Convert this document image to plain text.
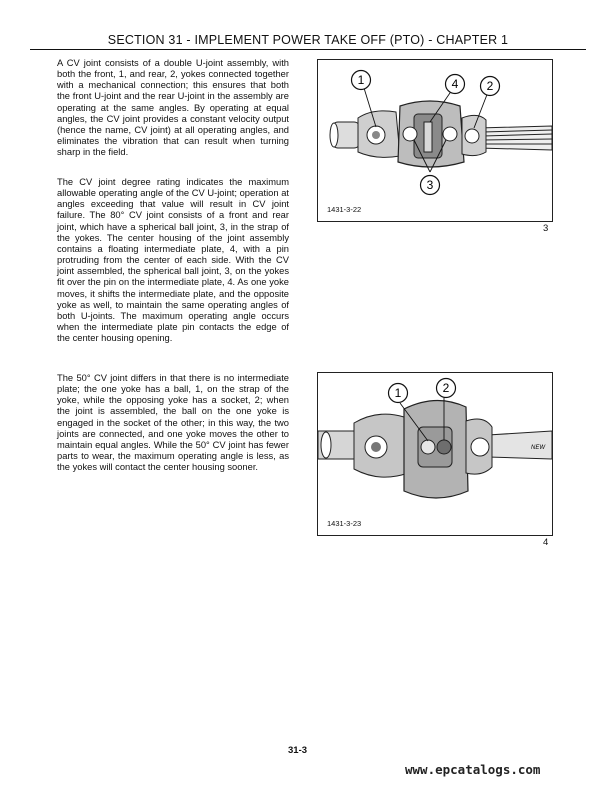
SECTION 31 - IMPLEMENT POWER TAKE OFF (PTO) - CHAPTER 1

A CV joint consists of a double U-joint assembly, with both the front, 1, and rear, 2, yokes connected together with a mechanical connection; this ensures that both the front U-joint and the rear U-joint in the assembly are operating at the same angles. By operating at equal angles, the CV joint provides a constant velocity output (hence the name, CV joint) at all operating angles, and eliminates the vibration that can result when turning sharp in the field.

The CV joint degree rating indicates the maximum allowable operating angle of the CV U-joint; operation at angles exceeding that value will result in CV joint failure. The 80° CV joint consists of a front and rear joint, which have a spherical ball joint, 3, in the strap of the yokes. The center housing of the joint assembly contains a floating intermediate plate, 4, with a pin protruding from the center of each side. With the CV joint assembled, the spherical ball joint, 3, on the yokes fit over the pin on the intermediate plate, 4. As one yoke moves, it shifts the intermediate plate, and the opposite yoke as well, to maintain the same operating angles of both U-joints. The maximum operating angle occurs when the intermediate plate pin contacts the edge of the center housing opening.

The 50° CV joint differs in that there is no intermediate plate; the one yoke has a ball, 1, on the strap of the yoke, while the opposing yoke has a socket, 2; when the joint is assembled, the ball on the one yoke is engaged in the socket of the other; in this way, the two joints are connected, and one yoke moves the other to maintain equal angles. While the 50° CV joint has fewer parts to wear, the maximum operating angle is less, as the yokes will contact the center housing sooner.

1	4 2
3
1431-3-22
3
NEW
1	2
1431-3-23
4
31-3
www.epcatalogs.com
